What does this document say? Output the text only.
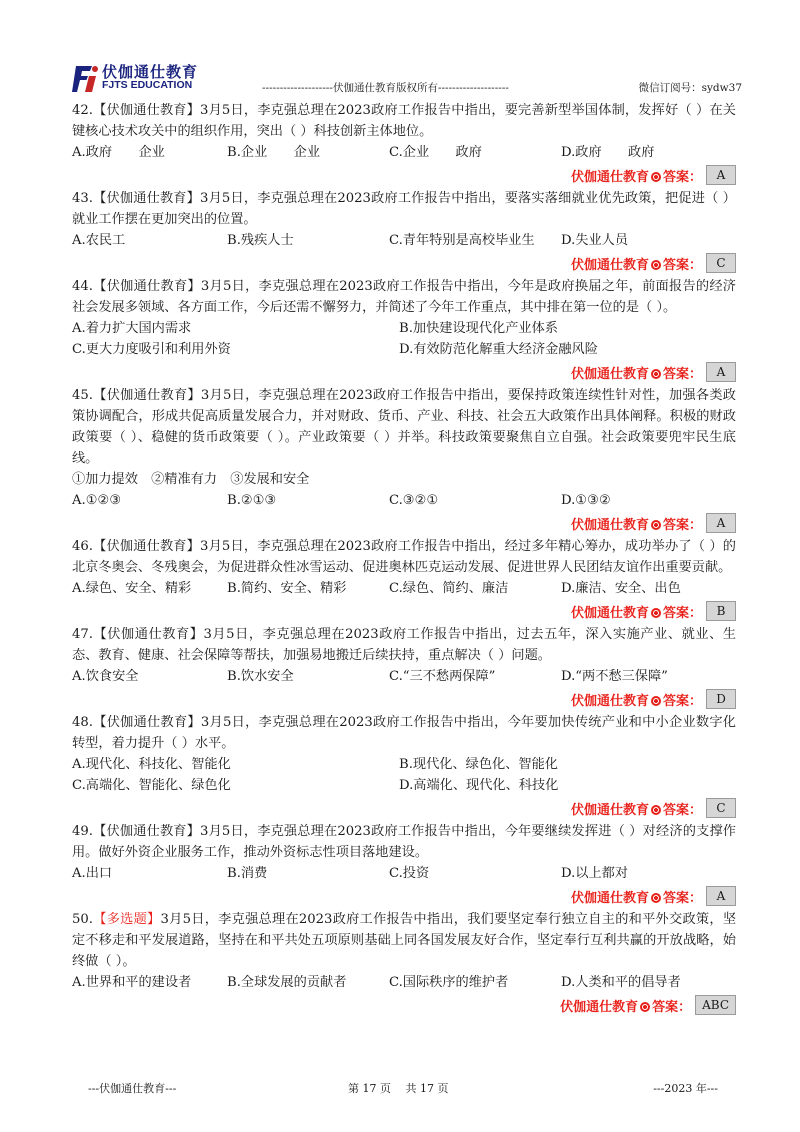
伏伽通仕教育
FJTS EDUCATION	--------------------伏伽通仕教育版权所有--------------------	微信订阅号：sydw37
42.【伏伽通仕教育】3月5日，李克强总理在2023政府工作报告中指出，要完善新型举国体制，发挥好（ ）在关键核心技术攻关中的组织作用，突出（ ）科技创新主体地位。
A.政府　　企业	B.企业　　企业	C.企业　　政府	D.政府　　政府
伏伽通仕教育 答案：	A
43.【伏伽通仕教育】3月5日，李克强总理在2023政府工作报告中指出，要落实落细就业优先政策，把促进（ ）就业工作摆在更加突出的位置。
A.农民工	B.残疾人士	C.青年特别是高校毕业生	D.失业人员
伏伽通仕教育 答案：	C
44.【伏伽通仕教育】3月5日，李克强总理在2023政府工作报告中指出，今年是政府换届之年，前面报告的经济社会发展多领域、各方面工作，今后还需不懈努力，并简述了今年工作重点，其中排在第一位的是（ ）。
A.着力扩大国内需求	B.加快建设现代化产业体系
C.更大力度吸引和利用外资	D.有效防范化解重大经济金融风险
伏伽通仕教育 答案：	A
45.【伏伽通仕教育】3月5日，李克强总理在2023政府工作报告中指出，要保持政策连续性针对性，加强各类政策协调配合，形成共促高质量发展合力，并对财政、货币、产业、科技、社会五大政策作出具体阐释。积极的财政政策要（ ）、稳健的货币政策要（ ）。产业政策要（ ）并举。科技政策要聚焦自立自强。社会政策要兜牢民生底线。
①加力提效　②精准有力　③发展和安全
A.①②③	B.②①③	C.③②①	D.①③②
伏伽通仕教育 答案：	A
46.【伏伽通仕教育】3月5日，李克强总理在2023政府工作报告中指出，经过多年精心筹办，成功举办了（ ）的北京冬奥会、冬残奥会，为促进群众性冰雪运动、促进奥林匹克运动发展、促进世界人民团结友谊作出重要贡献。
A.绿色、安全、精彩	B.简约、安全、精彩	C.绿色、简约、廉洁	D.廉洁、安全、出色
伏伽通仕教育 答案：	B
47.【伏伽通仕教育】3月5日，李克强总理在2023政府工作报告中指出，过去五年，深入实施产业、就业、生态、教育、健康、社会保障等帮扶，加强易地搬迁后续扶持，重点解决（ ）问题。
A.饮食安全	B.饮水安全	C.“三不愁两保障”	D.“两不愁三保障”
伏伽通仕教育 答案：	D
48.【伏伽通仕教育】3月5日，李克强总理在2023政府工作报告中指出，今年要加快传统产业和中小企业数字化转型，着力提升（ ）水平。
A.现代化、科技化、智能化	B.现代化、绿色化、智能化
C.高端化、智能化、绿色化	D.高端化、现代化、科技化
伏伽通仕教育 答案：	C
49.【伏伽通仕教育】3月5日，李克强总理在2023政府工作报告中指出，今年要继续发挥进（ ）对经济的支撑作用。做好外资企业服务工作，推动外资标志性项目落地建设。
A.出口	B.消费	C.投资	D.以上都对
伏伽通仕教育 答案：	A
50.【多选题】3月5日，李克强总理在2023政府工作报告中指出，我们要坚定奉行独立自主的和平外交政策，坚定不移走和平发展道路，坚持在和平共处五项原则基础上同各国发展友好合作，坚定奉行互利共赢的开放战略，始终做（ ）。
A.世界和平的建设者	B.全球发展的贡献者	C.国际秩序的维护者	D.人类和平的倡导者
伏伽通仕教育 答案： ABC
---伏伽通仕教育---	第 17 页　 共 17 页	---2023 年---
